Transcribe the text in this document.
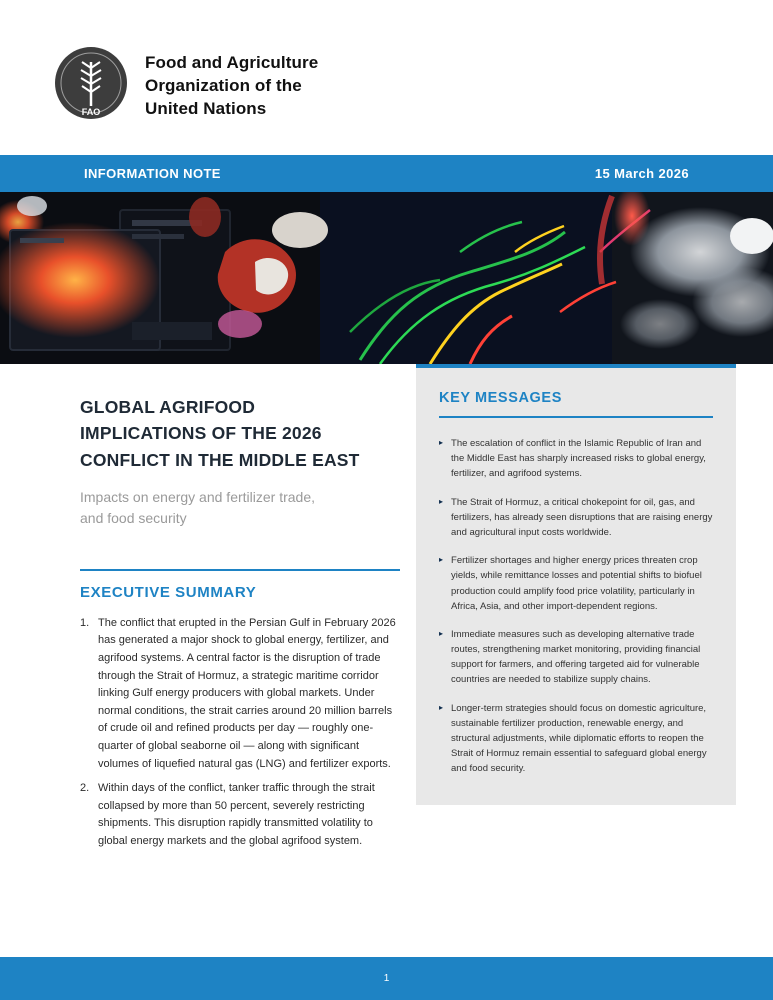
FAO
Food and Agriculture
Organization of the
United Nations
INFORMATION NOTE	15 March 2026
GLOBAL AGRIFOOD
IMPLICATIONS OF THE 2026
CONFLICT IN THE MIDDLE EAST
Impacts on energy and fertilizer trade,
and food security
EXECUTIVE SUMMARY
1. The conflict that erupted in the Persian Gulf in February 2026 has generated a major shock to global energy, fertilizer, and agrifood systems. A central factor is the disruption of trade through the Strait of Hormuz, a strategic maritime corridor linking Gulf energy producers with global markets. Under normal conditions, the strait carries around 20 million barrels of crude oil and refined products per day — roughly one-quarter of global seaborne oil — along with significant volumes of liquefied natural gas (LNG) and fertilizer exports.
2. Within days of the conflict, tanker traffic through the strait collapsed by more than 50 percent, severely restricting shipments. This disruption rapidly transmitted volatility to global energy markets and the global agrifood system.
KEY MESSAGES
▸ The escalation of conflict in the Islamic Republic of Iran and the Middle East has sharply increased risks to global energy, fertilizer, and agrifood systems.
▸ The Strait of Hormuz, a critical chokepoint for oil, gas, and fertilizers, has already seen disruptions that are raising energy and agricultural input costs worldwide.
▸ Fertilizer shortages and higher energy prices threaten crop yields, while remittance losses and potential shifts to biofuel production could amplify food price volatility, particularly in Africa, Asia, and other import-dependent regions.
▸ Immediate measures such as developing alternative trade routes, strengthening market monitoring, providing financial support for farmers, and offering targeted aid for vulnerable countries are needed to stabilize supply chains.
▸ Longer-term strategies should focus on domestic agriculture, sustainable fertilizer production, renewable energy, and structural adjustments, while diplomatic efforts to reopen the Strait of Hormuz remain essential to safeguard global energy and food security.
1
